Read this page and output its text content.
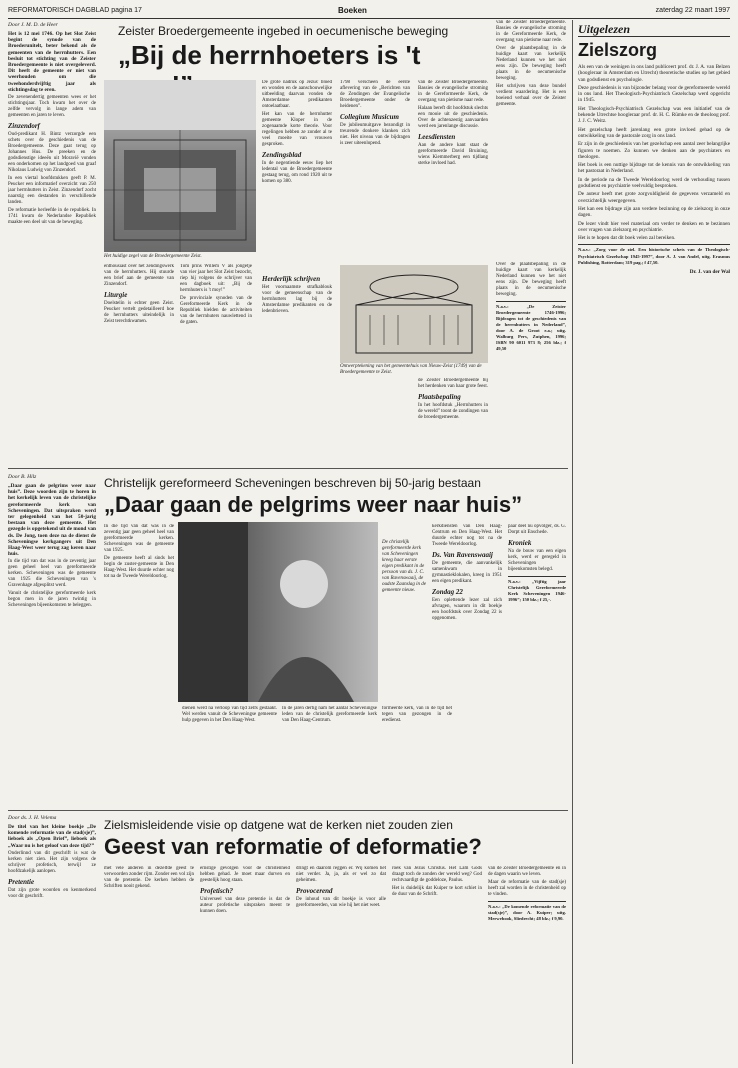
REFORMATORISCH DAGBLAD pagina 17	Boeken	zaterdag 22 maart 1997
Door J. M. D. de Heer

Het is 12 mei 1746. Op het Slot Zeist begint de synode van de Broederunitelt, beter bekend als de gemeenten van de herrnhutters. Een besluit tot stichting van de Zeister Broedergemeente is niet overgeleverd. Dit heeft de gemeente er niet van weerhouden om die tweehonderdvijftig jaar als stichtingsdag te eren.

De zevenendertig gemeenten wees er het stichtingsjaar. Toch kwam het over de zelfde vervolg in lange adem van gemeenten en jaren te leven.

Zinzendorf

Oud-predikant H. Bintz verzorgde een schets over de geschiedenis van de Broedergemeente. Deze gaat terug op Johannes Hus. De preeken en de godsdienstige ideeën uit Moravië vonden een onderkomen op het landgoed van graaf Nikolaus Ludwig von Zinzendorf.

In een viertal hoofdstukken geeft P. M. Peucker een informatief overzicht van 250 jaar herrnhutters in Zeist. Zinzendorf zocht naarstig een destanden in verschillende landen.

De reformatie herleefde in de republiek. In 1741 kwam de Nederlandse Republiek maakte een deel uit van de beweging.

Zeister Broedergemeente ingebed in oecumenische beweging
„Bij de herrnhoeters is 't
Het huidige zegel van de Broedergemeente Zeist.

enthousiast over het zendingswerk van de herrnhutters. Hij stuurde een brief aan de gemeente van Zinzendorf.

Liturgie

Doelstelin is echter geen Zeist. Peucker vertelt gedetailleerd hoe de herrnhutters uiteindelijk in Zeist terechtkwamen.

Tom prins Willem V als jongetje van vier jaar het Slot Zeist bezocht, riep hij volgens de schrijver van een dagboek uit: „Bij de herrnhuters is 't moy!”

De provinciale synoden van de Gereformeerde Kerk in de Republiek hielden de activiteiten van de herrnhuters nauwlettend in de gaten.

De grote nadruk op Jezus' bloed en wonden en de aanschouwelijke uitbeelding daarvan vonden de Amsterdamse predikanten ontoelaatbaar.

Het kan van de herrnhutter gemeente Kloper in de zogenaamde korte theorie. Voor regelingen hebben ze zonder al te veel moeite van vrouwen gesproken.

Zendingsblad

In de negentiende eeuw liep het ledental van de Broedergemeente gestaag terug, om rond 1920 uit te komen op 380.

Herderlijk schrijven

Het voornaamste strafkablouk voor de gemeenschap van de herrnhutters lag bij de Amsterdamse predikanten en de ledenbrieven.

1798 verscheen de eerste aflevering van de „Berichten van de Zendingen der Evangelische Broedergemeente onder de heidenen”.

Collegium Musicum

De jubileumuitgave bezondigt in treurende donkere klanken zich niet. Het niveau van de bijdragen is zeer uiteenlopend.

Ontwerptekening van het gemeentehuis van Nieuw-Zeist (1749) van de Broedergemeente te Zeist.

van de Zeister Broedergemeente. Bassies de evangelische stroming in de Gereformeerde Kerk, de overgang van pietisme naar rede.

Halaan bereft dit hoofdstuk slechts een mooie uit de geschiedenis. Over de achtenzestig aanvaarden werd een jarenlange discussie.

Leesdiensten

Aan de andere kant staat de gereformeerde David Bruining, wiens Kiemmerberg een tijdlang sterke invloed had.

van de Zeister Broedergemeente. Bassies de evangelische stroming in de Gereformeerde Kerk, de overgang van pietisme naar rede.

Over de plaatsbepaling in de huidige kaart van kerkelijk Nederland kunnen we het niet eens zijn. De beweging heeft plaats in de oecumenische beweging.

Het schrijven van deze bundel verdient waardering. Het is een boeiend verhaal over de Zeister gemeente.

de Zeister Broedergemeente bij het herdenken van haar grote feest.

Plaatsbepaling

In het hoofdstuk „Herrnhutters in de wereld” toont de zondingen van de broedergemeente.

Over de plaatsbepaling in de huidige kaart van kerkelijk Nederland kunnen we het niet eens zijn. De beweging heeft plaats in de oecumenische beweging.

N.a.v.: „De Zeister Broedergemeente 1746-1996; Bijdragen tot de geschiedenis van de herrnhutters in Nederland”, door A. de Groot e.a.; uitg. Walburg Pers, Zutphen, 1996; ISBN 90 6011 973 8; 256 blz.; f 49,50
Door B. Hilz

„Daar gaan de pelgrims weer naar huis”. Deze woorden zijn te horen in het kerkelijk leven van de christelijke gereformeerde kerk van Scheveningen. Dat uitspraken werd ter gelegenheid van het 50-jarig bestaan van deze gemeente. Het gezegde is opgetekend uit de mond van ds. De Jong, toen deze na de dienst de Scheveningse kerkgangers uit Den Haag-West weer terug zag keren naar huis.

In die tijd van dat was in de zeventig jaar geen geheel heel van gereformeerde kerken. Scheveningen was de gemeente van 1925 die Scheveningen van 's Gravenhage afgesplitst werd.

Vanuit de christelijke gereformeerde kerk begon men in de jaren twintig in Scheveningen bijeenkomsten te beleggen.

Christelijk gereformeerd Scheveningen beschreven bij 50-jarig bestaan
„Daar gaan de pelgrims weer naar huis”
De christelijk gereformeerde kerk van Scheveningen kreeg haar eerste eigen predikant in de persoon van ds. J. C. van Ravenswaaij, de oudste Zaanslag in de gemeente nieuw.

In die tijd van dat was in de zeventig jaar geen geheel heel van gereformeerde kerken. Scheveningen was de gemeente van 1925.

De gemeente heeft al sinds het begin de zuster-gemeente in Den Haag-West. Het duurde echter nog tot na de Tweede Wereldoorlog.

dienen werd na verloop van tijd zelfs gestaakt. Wel werden vanuit de Scheveningse gemeente hulp gegeven in het Den Haag-West.

In de jaren dertig nam het aantal Scheveningse leden van de christelijk gereformeerde kerk van Den Haag-Centrum.

formeerde kerk, van in de tijd het tegen van gezongen in de eredienst.

kerkdiensten van Den Haag-Centrum en Den Haag-West. Het duurde echter nog tot na de Tweede Wereldoorlog.

Ds. Van Ravenswaaij

De gemeente, die aanvankelijk samenkwam in gymnastieklokalen, kreeg in 1951 een eigen predikant.

Zondag 22

Een oplettende lezer zal zich afvragen, waarom in dit boekje een hoofdstuk over Zondag 22 is opgenomen.

paar deel nu opvolger, ds. G. Dorpt uit Enschede.

Kroniek

Na de bouw van een eigen kerk, werd er geregeld in Scheveningen bijeenkomsten belegd.

N.a.v.: „Vijftig jaar Christelijk Gereformeerde Kerk Scheveningen 1946-1996”; 150 blz.; f 25,-.
Door ds. J. H. Velema

De titel van het kleine boekje „De komende reformatie van de stad(sje)”, lieboek als „Open Brief”, lieboek als „Waar nu is het geloof van deze tijd?”

Onderlinnd van dit geschrift is wat de kerken niet zien. Het zijn volgens de schrijver profetisch, terwijl ze hoofdzakelijk aanlopen.

Pretentie

Dat zijn grote woorden en kenmerkend voor dit geschrift.

Zielsmisleidende visie op datgene wat de kerken niet zouden zien
Geest van reformatie of deformatie?

met vele anderen in dezelfde geest te verwoorden zonder rijm. Zonder een vol zijn van de pretentie. De kerken hebben de Schriften nooit gekend.

ernstige gevolgen voor de christenheid hebben gehad. Je moet maar durven en geestelijk hoog staan.

Profetisch?

Universeel van deze pretentie is dat de auteur profetische uitspraken meent te kunnen doen.

dringt en daarom reggen er. Wij komen het niet verder. Ja, ja, als er wel zo dat geheimen.

Provocerend

De inhoud van dit boekje is voor alle gereformeerden, van wie hij het niet weet.

roek van Jezus Christus. Het Lam Gods draagt toch de zonden der wereld weg? God rechtvaardigt de goddeloze, Paulus.

Het is duidelijk dat Kuiper te kort schiet in de duur van de Schrift.

van de Zeister Broedergemeente en in de dagen waarin we leven.

Maar de reformatie van de stad(sje) heeft zal worden in de christenheid op te vinden.

N.a.v.: „De komende reformatie van de stad(sje)”, door A. Kuiper; uitg. Merwebook, Sliedrecht; 48 blz.; f 9,90.
Uitgelezen
Zielszorg

Als een van de weinigen in ons land publiceert prof. dr. J. A. van Belzen (hoogleraar in Amsterdam en Utrecht) theoretische studies op het gebied van godsdienst en psychologie.

Deze geschiedenis is van bijzonder belang voor de gereformeerde wereld in ons land. Het Theologisch-Psychiatrisch Gezelschap werd opgericht in 1945.

Het Theologisch-Psychiatrisch Gezelschap was een initiatief van de bekende Utrechtse hoogleraar prof. dr. H. C. Rümke en de theoloog prof. J. J. C. Weitz.

Het gezelschap heeft jarenlang een grote invloed gehad op de ontwikkeling van de pastorale zorg in ons land.

Er zijn in de geschiedenis van het gezelschap een aantal zeer belangrijke figuren te noemen. Zo kunnen we denken aan de psychiaters en theologen.

Het boek is een nuttige bijdrage tot de kennis van de ontwikkeling van het pastoraat in Nederland.

In de periode na de Tweede Wereldoorlog werd de verhouding tussen godsdienst en psychiatrie veelvuldig besproken.

De auteur heeft met grote zorgvuldigheid de gegevens verzameld en overzichtelijk weergegeven.

Het kan een bijdrage zijn aan verdere bezinning op de zielszorg in onze dagen.

De lezer vindt hier veel materiaal om verder te denken en te bezinnen over vragen van zielszorg en psychiatrie.

Het is te hopen dat dit boek velen zal bereiken.

N.a.v.: „Zorg voor de ziel. Een historische schets van de Theologisch-Psychiatrisch Gezelschap 1945-1997”, door A. J. van Andel, uitg. Erasmus Publishing, Rotterdam; 319 pag.; f 47,50.

Dr. J. van der Wal
